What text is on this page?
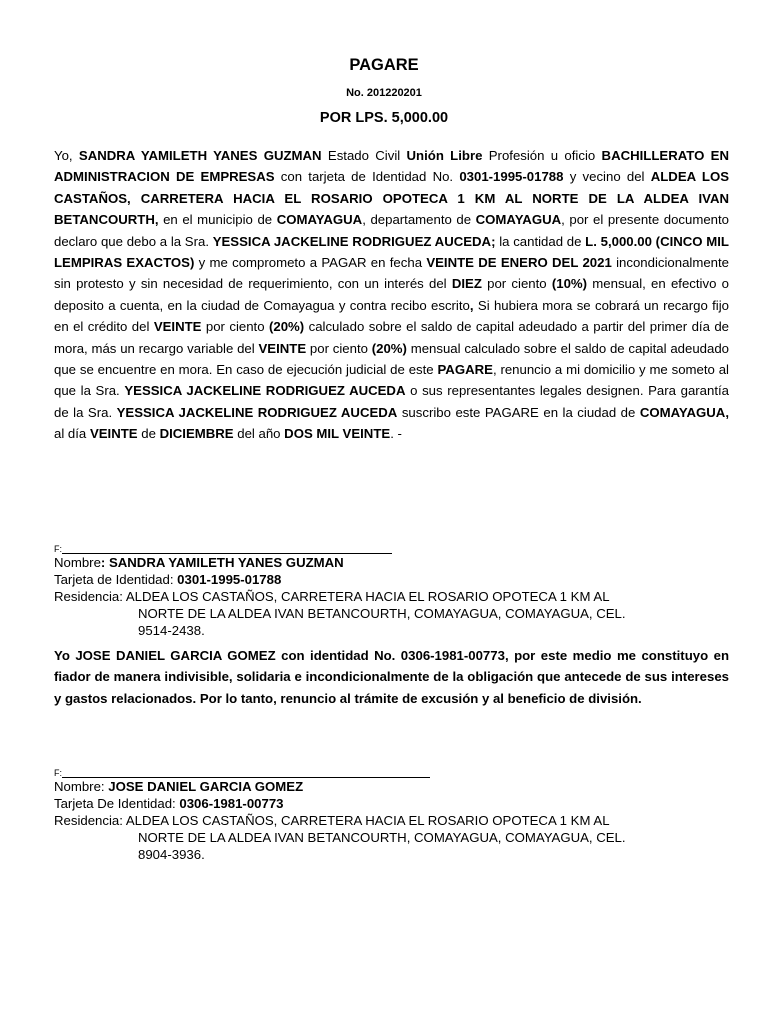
PAGARE
No. 201220201
POR LPS. 5,000.00
Yo, SANDRA YAMILETH YANES GUZMAN Estado Civil Unión Libre Profesión u oficio BACHILLERATO EN ADMINISTRACION DE EMPRESAS con tarjeta de Identidad No. 0301-1995-01788 y vecino del ALDEA LOS CASTAÑOS, CARRETERA HACIA EL ROSARIO OPOTECA 1 KM AL NORTE DE LA ALDEA IVAN BETANCOURTH, en el municipio de COMAYAGUA, departamento de COMAYAGUA, por el presente documento declaro que debo a la Sra. YESSICA JACKELINE RODRIGUEZ AUCEDA; la cantidad de L. 5,000.00 (CINCO MIL LEMPIRAS EXACTOS) y me comprometo a PAGAR en fecha VEINTE DE ENERO DEL 2021 incondicionalmente sin protesto y sin necesidad de requerimiento, con un interés del DIEZ por ciento (10%) mensual, en efectivo o deposito a cuenta, en la ciudad de Comayagua y contra recibo escrito, Si hubiera mora se cobrará un recargo fijo en el crédito del VEINTE por ciento (20%) calculado sobre el saldo de capital adeudado a partir del primer día de mora, más un recargo variable del VEINTE por ciento (20%) mensual calculado sobre el saldo de capital adeudado que se encuentre en mora. En caso de ejecución judicial de este PAGARE, renuncio a mi domicilio y me someto al que la Sra. YESSICA JACKELINE RODRIGUEZ AUCEDA o sus representantes legales designen. Para garantía de la Sra. YESSICA JACKELINE RODRIGUEZ AUCEDA suscribo este PAGARE en la ciudad de COMAYAGUA, al día VEINTE de DICIEMBRE del año DOS MIL VEINTE. -
F:
Nombre: SANDRA YAMILETH YANES GUZMAN
Tarjeta de Identidad: 0301-1995-01788
Residencia: ALDEA LOS CASTAÑOS, CARRETERA HACIA EL ROSARIO OPOTECA 1 KM AL
NORTE DE LA ALDEA IVAN BETANCOURTH, COMAYAGUA, COMAYAGUA, CEL.
9514-2438.
Yo JOSE DANIEL GARCIA GOMEZ con identidad No. 0306-1981-00773, por este medio me constituyo en fiador de manera indivisible, solidaria e incondicionalmente de la obligación que antecede de sus intereses y gastos relacionados. Por lo tanto, renuncio al trámite de excusión y al beneficio de división.
F:
Nombre: JOSE DANIEL GARCIA GOMEZ
Tarjeta De Identidad: 0306-1981-00773
Residencia: ALDEA LOS CASTAÑOS, CARRETERA HACIA EL ROSARIO OPOTECA 1 KM AL
NORTE DE LA ALDEA IVAN BETANCOURTH, COMAYAGUA, COMAYAGUA, CEL.
8904-3936.
